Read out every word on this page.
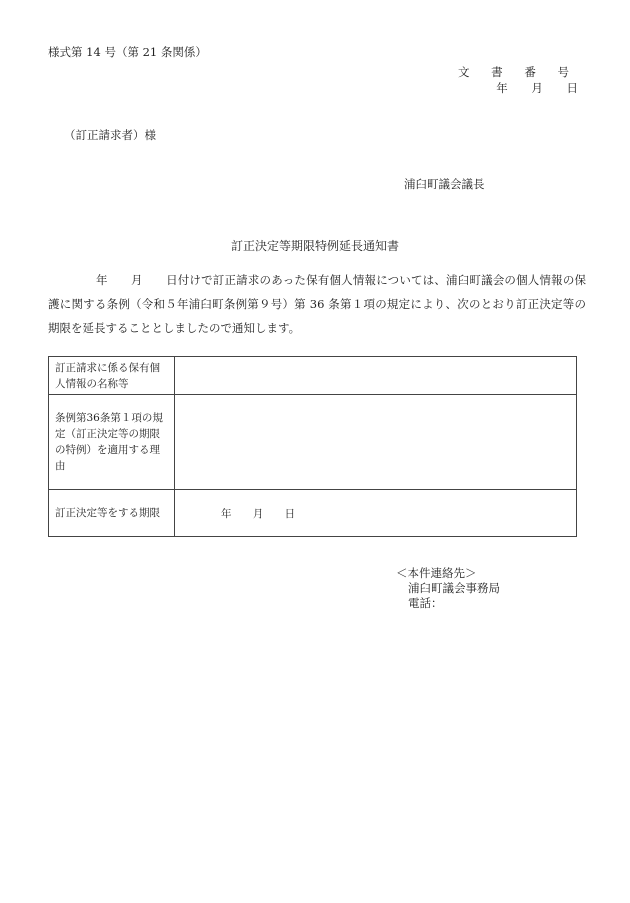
様式第 14 号（第 21 条関係）
文 書 番 号
年 月 日
（訂正請求者）様
浦臼町議会議長
訂正決定等期限特例延長通知書
年　　月　　日付けで訂正請求のあった保有個人情報については、浦臼町議会の個人情報の保護に関する条例（令和５年浦臼町条例第９号）第 36 条第１項の規定により、次のとおり訂正決定等の期限を延長することとしましたので通知します。
訂正請求に係る保有個人情報の名称等	
条例第36条第１項の規定（訂正決定等の期限の特例）を適用する理由	
訂正決定等をする期限	年 月 日
＜本件連絡先＞
浦臼町議会事務局
電話：
